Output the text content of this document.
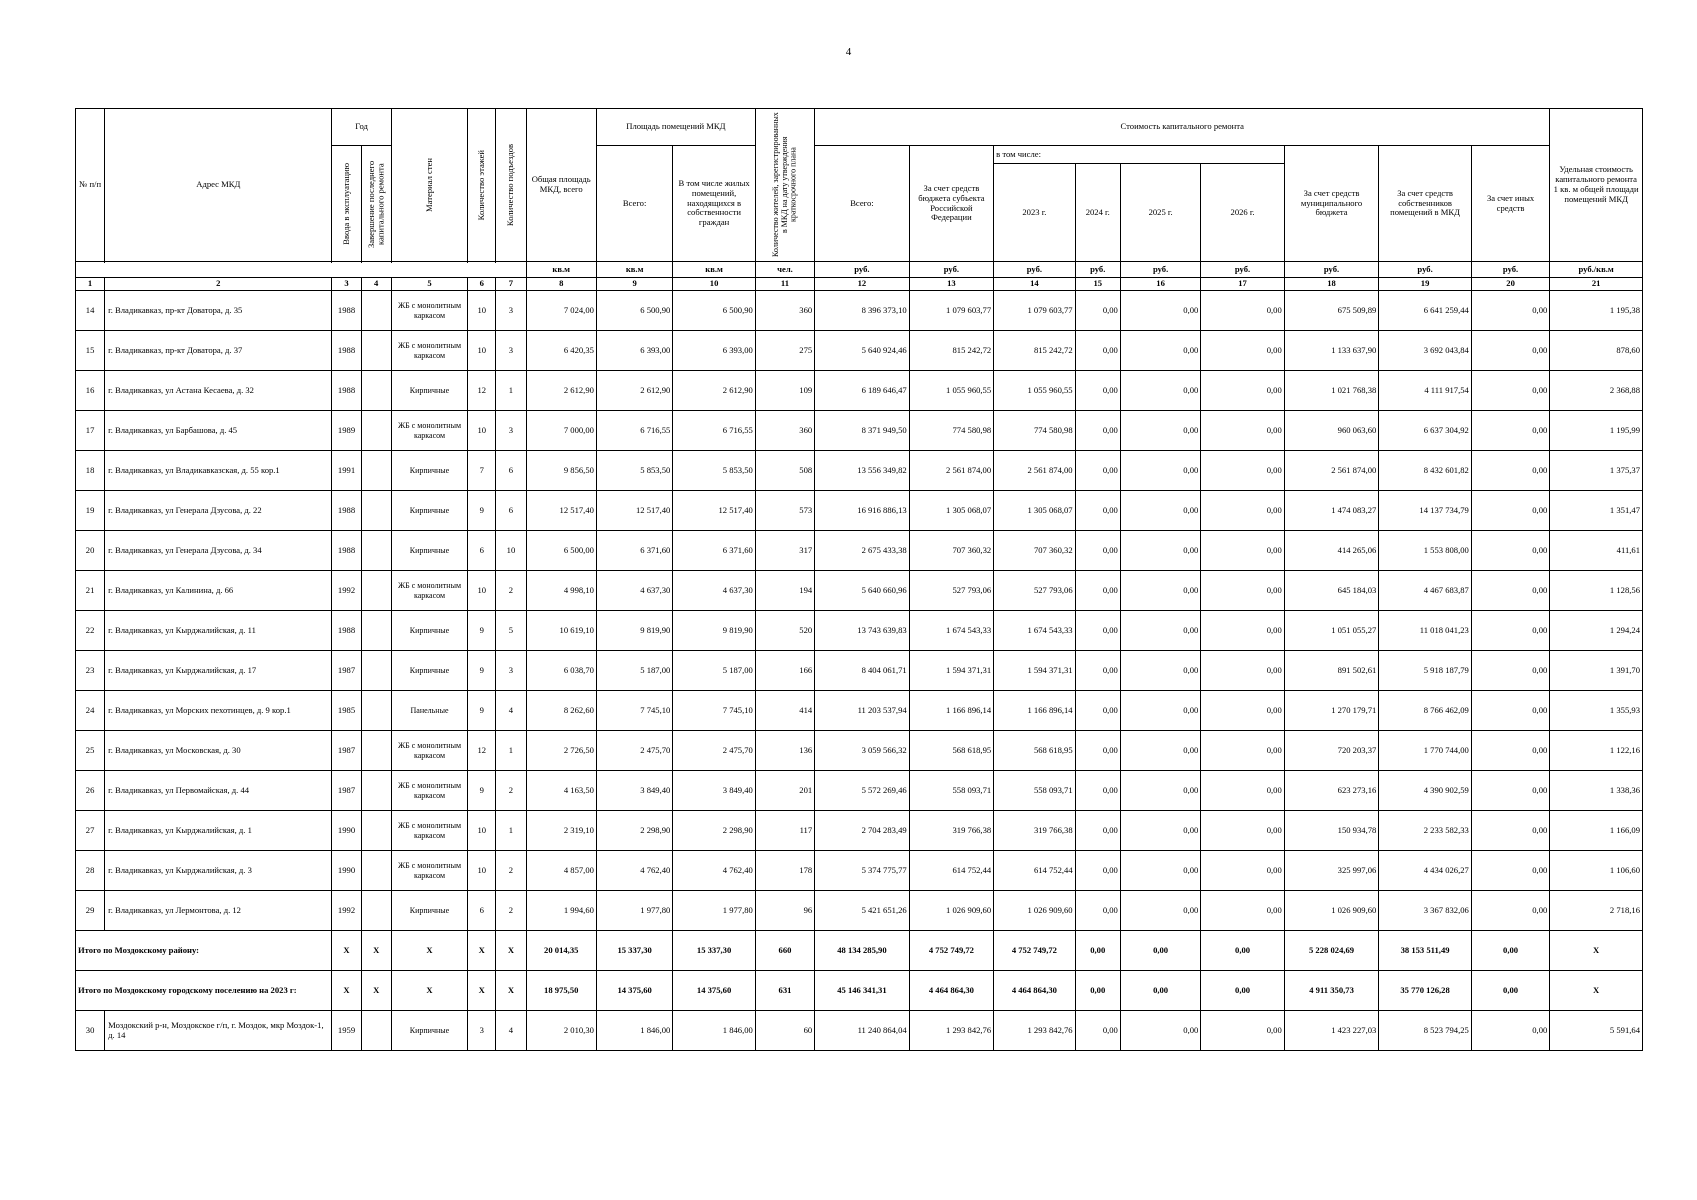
4
№ п/п	Адрес МКД	Год		Материал стен	Количество этажей	Количество подъездов	Общая площадь МКД, всего	Площадь помещений МКД		Количество жителей, зарегистрированных в МКД на дату утверждения краткосрочного плана	Стоимость капитального ремонта									Удельная стоимость капитального ремонта 1 кв. м общей площади помещений МКД

		Ввода в эксплуатацию	Завершение последнего капитального ремонта					Всего:	В том числе жилых помещений, находящихся в собственности граждан		Всего:	За счет средств бюджета субъекта Российской Федерации	в том числе:				За счет средств муниципального бюджета	За счет средств собственников помещений в МКД	За счет иных средств	
													2023 г.	2024 г.	2025 г.	2026 г.				

							кв.м	кв.м	кв.м	чел.	руб.	руб.	руб.	руб.	руб.	руб.	руб.	руб.	руб.	руб./кв.м
1	2	3	4	5	6	7	8	9	10	11	12	13	14	15	16	17	18	19	20	21
14	г. Владикавказ, пр-кт Доватора, д. 35	1988		ЖБ с монолитным каркасом	10	3	7 024,00	6 500,90	6 500,90	360	8 396 373,10	1 079 603,77	1 079 603,77	0,00	0,00	0,00	675 509,89	6 641 259,44	0,00	1 195,38
15	г. Владикавказ, пр-кт Доватора, д. 37	1988		ЖБ с монолитным каркасом	10	3	6 420,35	6 393,00	6 393,00	275	5 640 924,46	815 242,72	815 242,72	0,00	0,00	0,00	1 133 637,90	3 692 043,84	0,00	878,60
16	г. Владикавказ, ул Астана Кесаева, д. 32	1988		Кирпичные	12	1	2 612,90	2 612,90	2 612,90	109	6 189 646,47	1 055 960,55	1 055 960,55	0,00	0,00	0,00	1 021 768,38	4 111 917,54	0,00	2 368,88
17	г. Владикавказ, ул Барбашова, д. 45	1989		ЖБ с монолитным каркасом	10	3	7 000,00	6 716,55	6 716,55	360	8 371 949,50	774 580,98	774 580,98	0,00	0,00	0,00	960 063,60	6 637 304,92	0,00	1 195,99
18	г. Владикавказ, ул Владикавказская, д. 55 кор.1	1991		Кирпичные	7	6	9 856,50	5 853,50	5 853,50	508	13 556 349,82	2 561 874,00	2 561 874,00	0,00	0,00	0,00	2 561 874,00	8 432 601,82	0,00	1 375,37
19	г. Владикавказ, ул Генерала Дзусова, д. 22	1988		Кирпичные	9	6	12 517,40	12 517,40	12 517,40	573	16 916 886,13	1 305 068,07	1 305 068,07	0,00	0,00	0,00	1 474 083,27	14 137 734,79	0,00	1 351,47
20	г. Владикавказ, ул Генерала Дзусова, д. 34	1988		Кирпичные	6	10	6 500,00	6 371,60	6 371,60	317	2 675 433,38	707 360,32	707 360,32	0,00	0,00	0,00	414 265,06	1 553 808,00	0,00	411,61
21	г. Владикавказ, ул Калинина, д. 66	1992		ЖБ с монолитным каркасом	10	2	4 998,10	4 637,30	4 637,30	194	5 640 660,96	527 793,06	527 793,06	0,00	0,00	0,00	645 184,03	4 467 683,87	0,00	1 128,56
22	г. Владикавказ, ул Кырджалийская, д. 11	1988		Кирпичные	9	5	10 619,10	9 819,90	9 819,90	520	13 743 639,83	1 674 543,33	1 674 543,33	0,00	0,00	0,00	1 051 055,27	11 018 041,23	0,00	1 294,24
23	г. Владикавказ, ул Кырджалийская, д. 17	1987		Кирпичные	9	3	6 038,70	5 187,00	5 187,00	166	8 404 061,71	1 594 371,31	1 594 371,31	0,00	0,00	0,00	891 502,61	5 918 187,79	0,00	1 391,70
24	г. Владикавказ, ул Морских пехотинцев, д. 9 кор.1	1985		Панельные	9	4	8 262,60	7 745,10	7 745,10	414	11 203 537,94	1 166 896,14	1 166 896,14	0,00	0,00	0,00	1 270 179,71	8 766 462,09	0,00	1 355,93
25	г. Владикавказ, ул Московская, д. 30	1987		ЖБ с монолитным каркасом	12	1	2 726,50	2 475,70	2 475,70	136	3 059 566,32	568 618,95	568 618,95	0,00	0,00	0,00	720 203,37	1 770 744,00	0,00	1 122,16
26	г. Владикавказ, ул Первомайская, д. 44	1987		ЖБ с монолитным каркасом	9	2	4 163,50	3 849,40	3 849,40	201	5 572 269,46	558 093,71	558 093,71	0,00	0,00	0,00	623 273,16	4 390 902,59	0,00	1 338,36
27	г. Владикавказ, ул Кырджалийская, д. 1	1990		ЖБ с монолитным каркасом	10	1	2 319,10	2 298,90	2 298,90	117	2 704 283,49	319 766,38	319 766,38	0,00	0,00	0,00	150 934,78	2 233 582,33	0,00	1 166,09
28	г. Владикавказ, ул Кырджалийская, д. 3	1990		ЖБ с монолитным каркасом	10	2	4 857,00	4 762,40	4 762,40	178	5 374 775,77	614 752,44	614 752,44	0,00	0,00	0,00	325 997,06	4 434 026,27	0,00	1 106,60
29	г. Владикавказ, ул Лермонтова, д. 12	1992		Кирпичные	6	2	1 994,60	1 977,80	1 977,80	96	5 421 651,26	1 026 909,60	1 026 909,60	0,00	0,00	0,00	1 026 909,60	3 367 832,06	0,00	2 718,16
Итого по Моздокскому району:		X	X	X	X	X	20 014,35	15 337,30	15 337,30	660	48 134 285,90	4 752 749,72	4 752 749,72	0,00	0,00	0,00	5 228 024,69	38 153 511,49	0,00	X
Итого по Моздокскому городскому поселению на 2023 г:		X	X	X	X	X	18 975,50	14 375,60	14 375,60	631	45 146 341,31	4 464 864,30	4 464 864,30	0,00	0,00	0,00	4 911 350,73	35 770 126,28	0,00	X
30	Моздокский р-н, Моздокское г/п, г. Моздок, мкр Моздок-1, д. 14	1959		Кирпичные	3	4	2 010,30	1 846,00	1 846,00	60	11 240 864,04	1 293 842,76	1 293 842,76	0,00	0,00	0,00	1 423 227,03	8 523 794,25	0,00	5 591,64
